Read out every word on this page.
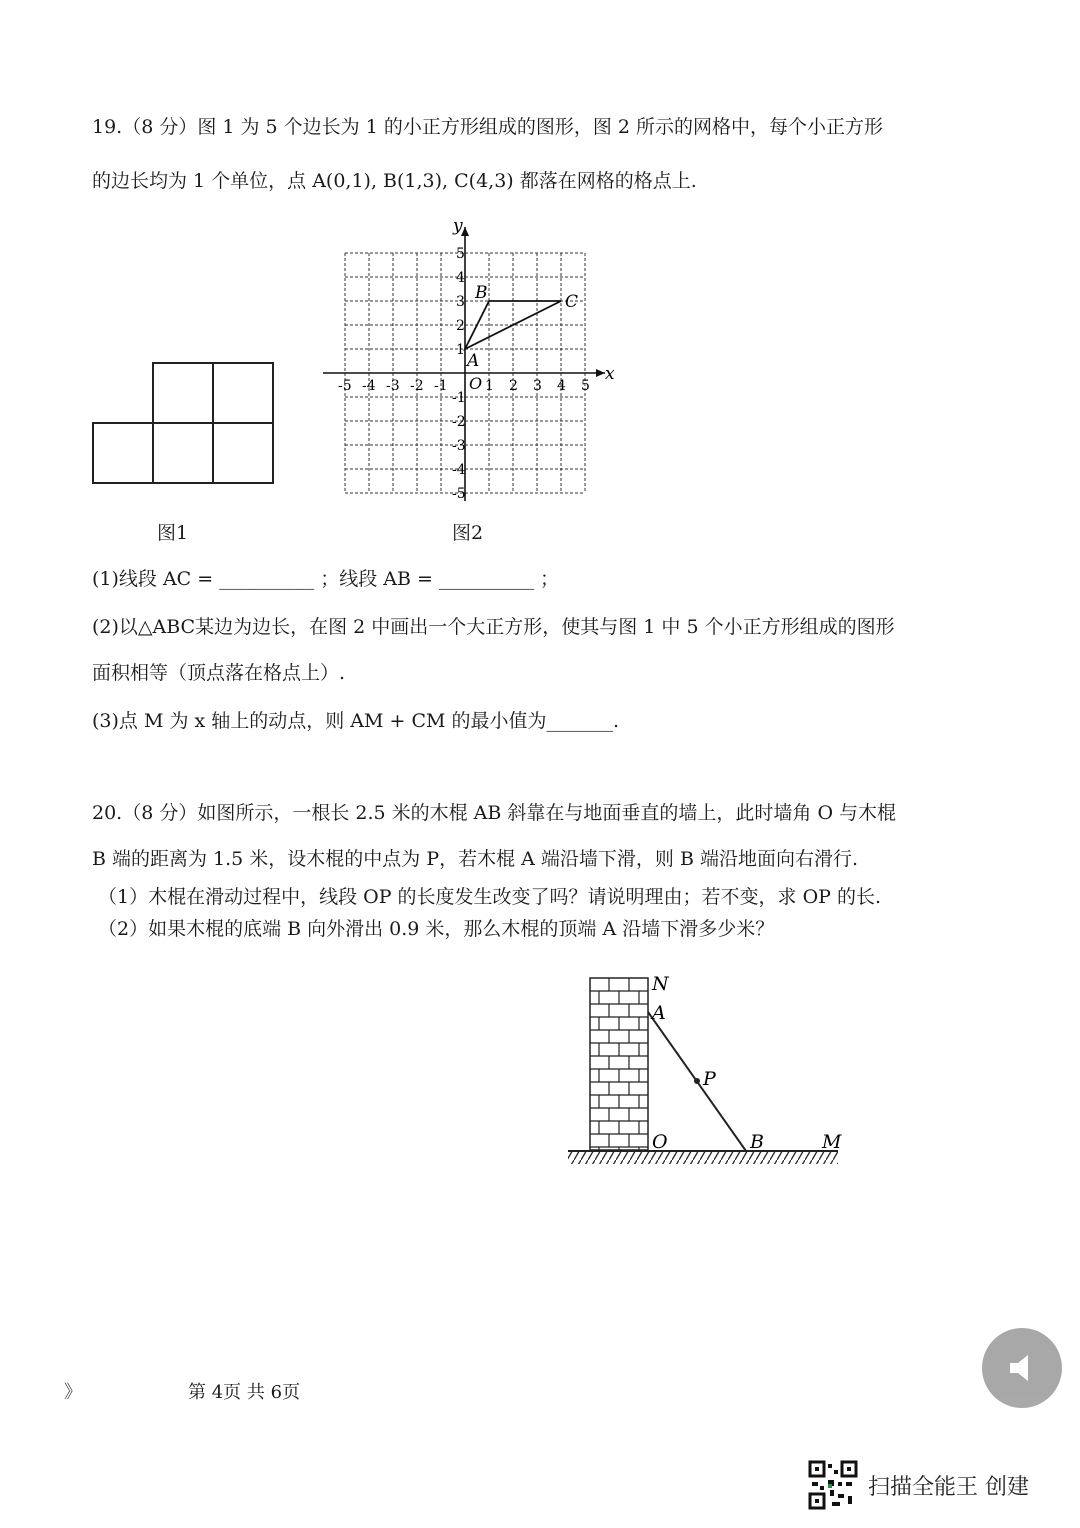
19.（8 分）图 1 为 5 个边长为 1 的小正方形组成的图形，图 2 所示的网格中，每个小正方形
的边长均为 1 个单位，点 A(0,1), B(1,3), C(4,3) 都落在网格的格点上.
图1
x
y
O
-5 -4 -3 -2 -1	1 2 3 4 5
5
4
3
2
1
-1
-2
-3
-4
-5
A
B	C
图2
(1)线段 AC = __________ ；线段 AB = __________ ；
(2)以△ABC某边为边长，在图 2 中画出一个大正方形，使其与图 1 中 5 个小正方形组成的图形
面积相等（顶点落在格点上）.
(3)点 M 为 x 轴上的动点，则 AM + CM 的最小值为_______.
20.（8 分）如图所示，一根长 2.5 米的木棍 AB 斜靠在与地面垂直的墙上，此时墙角 O 与木棍
B 端的距离为 1.5 米，设木棍的中点为 P，若木棍 A 端沿墙下滑，则 B 端沿地面向右滑行.
（1）木棍在滑动过程中，线段 OP 的长度发生改变了吗？请说明理由；若不变，求 OP 的长.
（2）如果木棍的底端 B 向外滑出 0.9 米，那么木棍的顶端 A 沿墙下滑多少米？
N
A
P
O	B	M
》	第 4页 共 6页
扫描全能王 创建
